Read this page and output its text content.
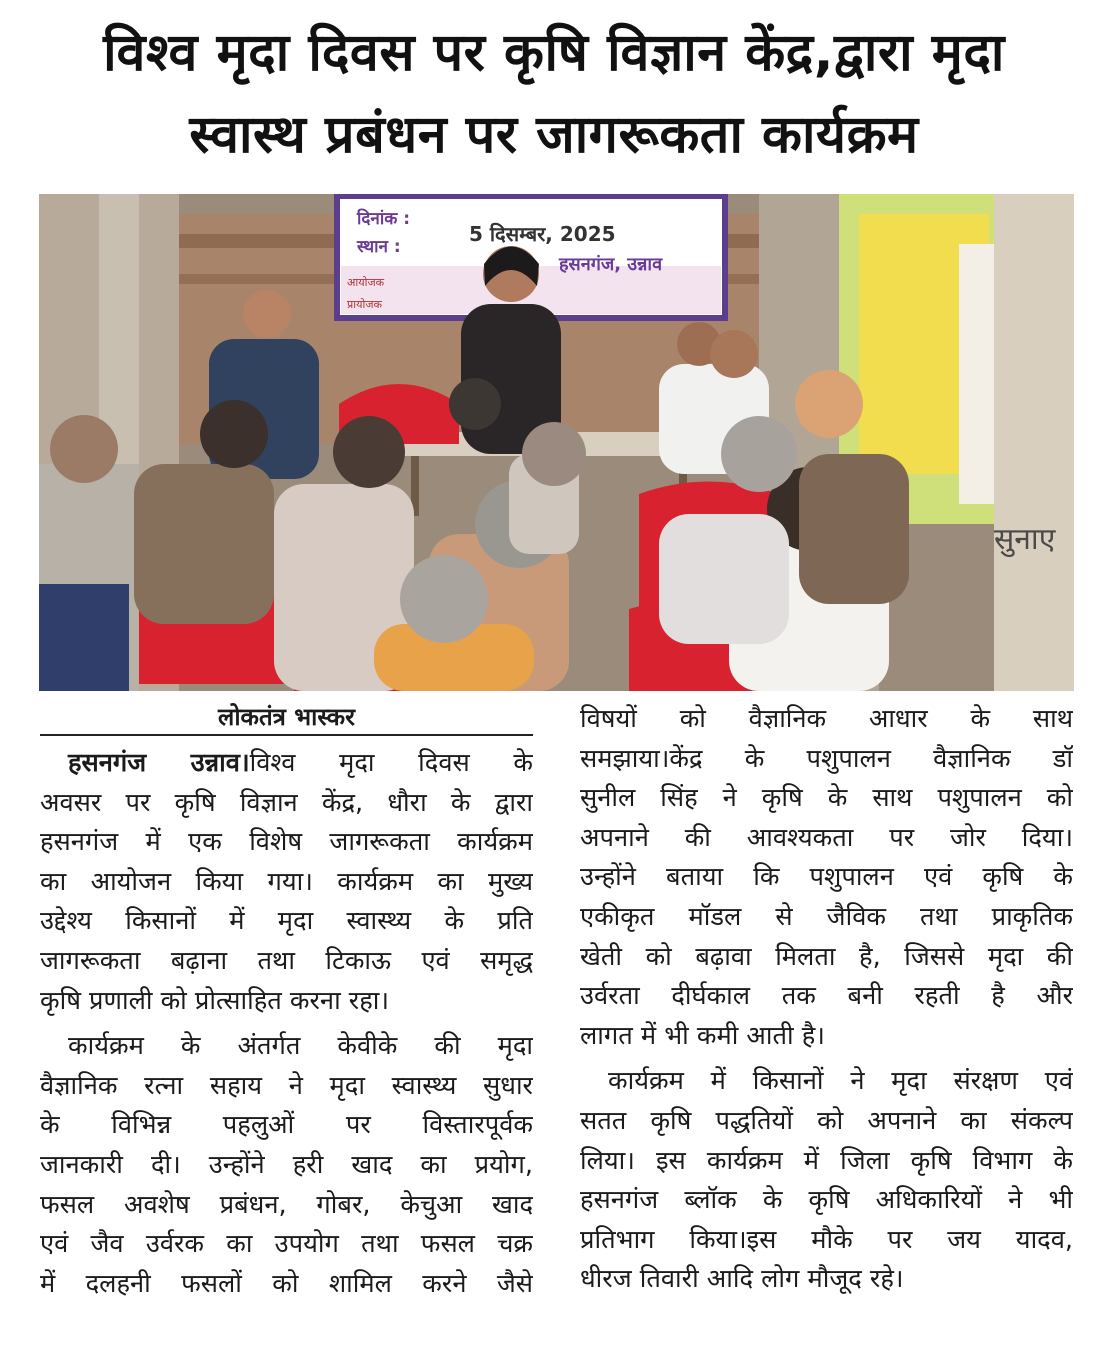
विश्व मृदा दिवस पर कृषि विज्ञान केंद्र,द्वारा मृदा
स्वास्थ प्रबंधन पर जागरूकता कार्यक्रम
सुनाए
दिनांक :
5 दिसम्बर, 2025
स्थान :
हसनगंज, उन्नाव
आयोजक
प्रायोजक
लोकतंत्र भास्कर
हसनगंज उन्नाव।विश्व मृदा दिवस के
अवसर पर कृषि विज्ञान केंद्र, धौरा के द्वारा
हसनगंज में एक विशेष जागरूकता कार्यक्रम
का आयोजन किया गया। कार्यक्रम का मुख्य
उद्देश्य किसानों में मृदा स्वास्थ्य के प्रति
जागरूकता बढ़ाना तथा टिकाऊ एवं समृद्ध
कृषि प्रणाली को प्रोत्साहित करना रहा।
कार्यक्रम के अंतर्गत केवीके की मृदा
वैज्ञानिक रत्ना सहाय ने मृदा स्वास्थ्य सुधार
के विभिन्न पहलुओं पर विस्तारपूर्वक
जानकारी दी। उन्होंने हरी खाद का प्रयोग,
फसल अवशेष प्रबंधन, गोबर, केचुआ खाद
एवं जैव उर्वरक का उपयोग तथा फसल चक्र
में दलहनी फसलों को शामिल करने जैसे
विषयों को वैज्ञानिक आधार के साथ
समझाया।केंद्र के पशुपालन वैज्ञानिक डॉ
सुनील सिंह ने कृषि के साथ पशुपालन को
अपनाने की आवश्यकता पर जोर दिया।
उन्होंने बताया कि पशुपालन एवं कृषि के
एकीकृत मॉडल से जैविक तथा प्राकृतिक
खेती को बढ़ावा मिलता है, जिससे मृदा की
उर्वरता दीर्घकाल तक बनी रहती है और
लागत में भी कमी आती है।
कार्यक्रम में किसानों ने मृदा संरक्षण एवं
सतत कृषि पद्धतियों को अपनाने का संकल्प
लिया। इस कार्यक्रम में जिला कृषि विभाग के
हसनगंज ब्लॉक के कृषि अधिकारियों ने भी
प्रतिभाग किया।इस मौके पर जय यादव,
धीरज तिवारी आदि लोग मौजूद रहे।
